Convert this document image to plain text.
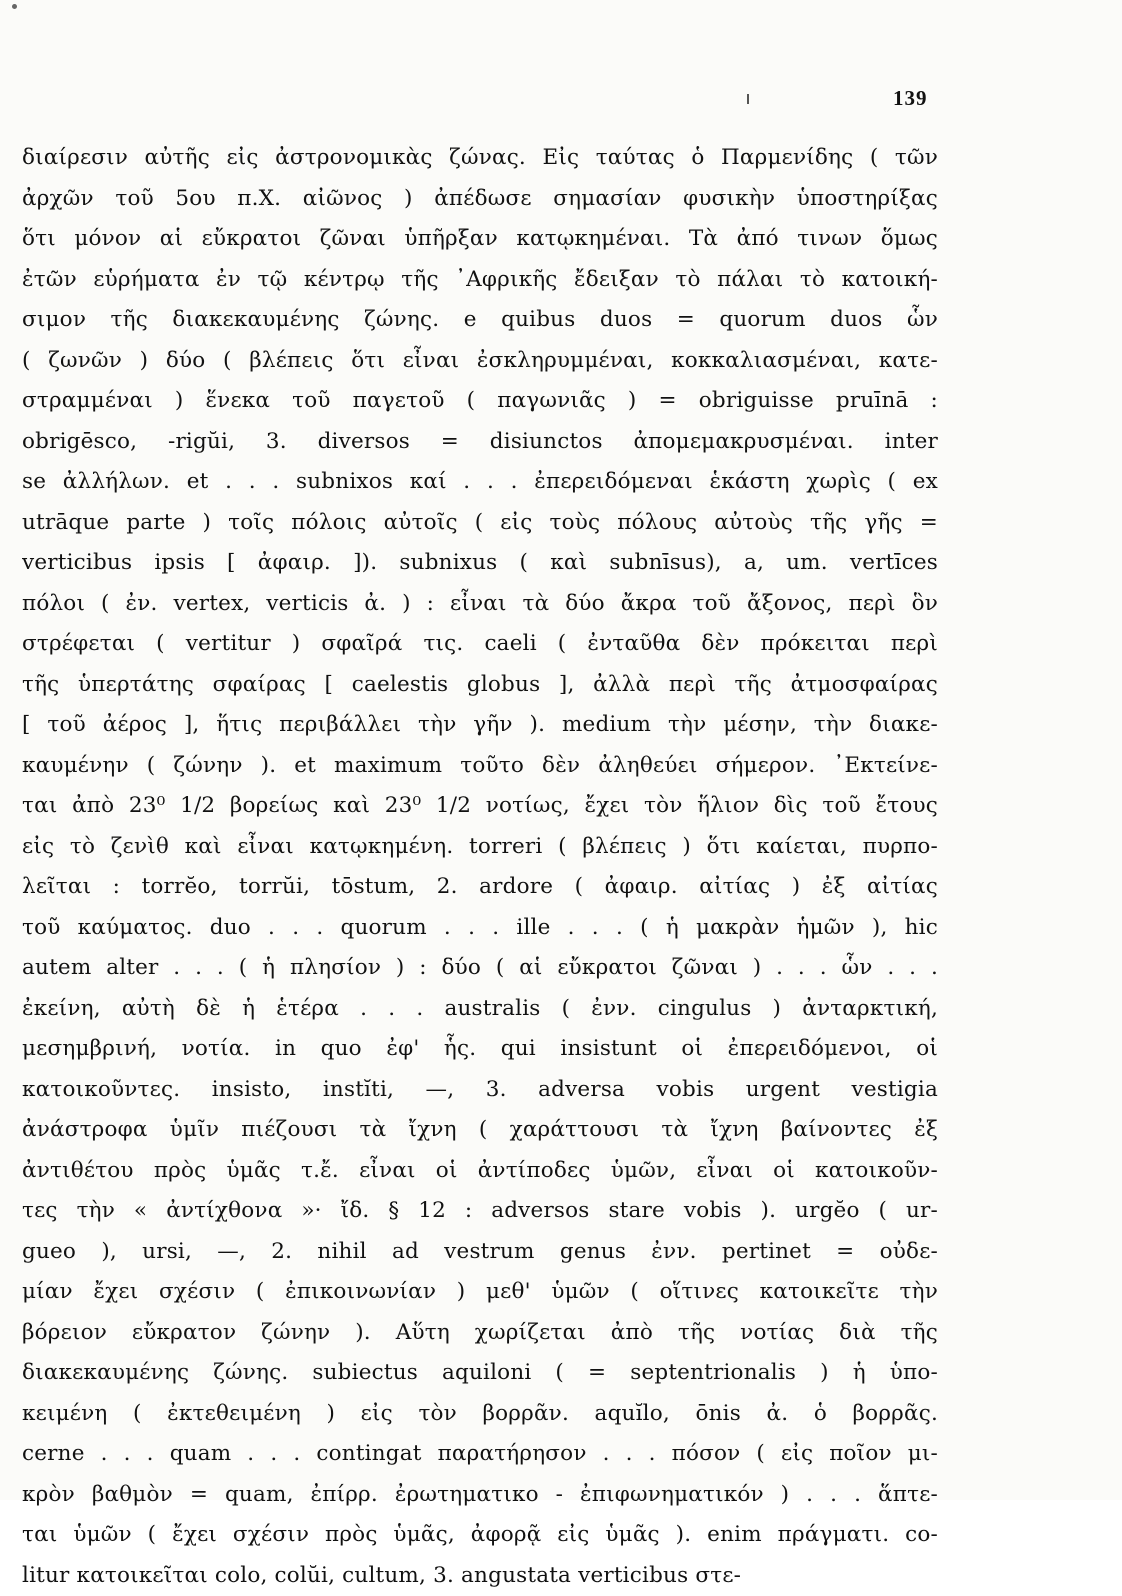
139
διαίρεσιν αὐτῆς εἰς ἀστρονομικὰς ζώνας. Εἰς ταύτας ὁ Παρμενίδης ( τῶν
ἀρχῶν τοῦ 5ου π.Χ. αἰῶνος ) ἀπέδωσε σημασίαν φυσικὴν ὑποστηρίξας
ὅτι μόνον αἱ εὔκρατοι ζῶναι ὑπῆρξαν κατῳκημέναι. Τὰ ἀπό τινων ὅμως
ἐτῶν εὑρήματα ἐν τῷ κέντρῳ τῆς ᾿Αφρικῆς ἔδειξαν τὸ πάλαι τὸ κατοική-
σιμον τῆς διακεκαυμένης ζώνης. e quibus duos = quorum duos ὧν
( ζωνῶν ) δύο ( βλέπεις ὅτι εἶναι ἐσκληρυμμέναι, κοκκαλιασμέναι, κατε-
στραμμέναι ) ἕνεκα τοῦ παγετοῦ ( παγωνιᾶς ) = obriguisse pruīnā :
obrigēsco, -rigŭi, 3. diversos = disiunctos ἀπομεμακρυσμέναι. inter
se ἀλλήλων. et . . . subnixos καί . . . ἐπερειδόμεναι ἑκάστη χωρὶς ( ex
utrāque parte ) τοῖς πόλοις αὐτοῖς ( εἰς τοὺς πόλους αὐτοὺς τῆς γῆς =
verticibus ipsis [ ἀφαιρ. ]). subnixus ( καὶ subnīsus), a, um. vertīces
πόλοι ( ἐν. vertex, verticis ἀ. ) : εἶναι τὰ δύο ἄκρα τοῦ ἄξονος, περὶ ὃν
στρέφεται ( vertitur ) σφαῖρά τις. caeli ( ἐνταῦθα δὲν πρόκειται περὶ
τῆς ὑπερτάτης σφαίρας [ caelestis globus ], ἀλλὰ περὶ τῆς ἀτμοσφαίρας
[ τοῦ ἀέρος ], ἥτις περιβάλλει τὴν γῆν ). medium τὴν μέσην, τὴν διακε-
καυμένην ( ζώνην ). et maximum τοῦτο δὲν ἀληθεύει σήμερον. ᾿Εκτείνε-
ται ἀπὸ 23⁰ 1/2 βορείως καὶ 23⁰ 1/2 νοτίως, ἔχει τὸν ἥλιον δὶς τοῦ ἔτους
εἰς τὸ ζενὶθ καὶ εἶναι κατῳκημένη. torreri ( βλέπεις ) ὅτι καίεται, πυρπο-
λεῖται : torrĕo, torrŭi, tōstum, 2. ardore ( ἀφαιρ. αἰτίας ) ἐξ αἰτίας
τοῦ καύματος. duo . . . quorum . . . ille . . . ( ἡ μακρὰν ἡμῶν ), hic
autem alter . . . ( ἡ πλησίον ) : δύο ( αἱ εὔκρατοι ζῶναι ) . . . ὧν . . .
ἐκείνη, αὐτὴ δὲ ἡ ἑτέρα . . . australis ( ἐνν. cingulus ) ἀνταρκτική,
μεσημβρινή, νοτία. in quo ἐφ' ἧς. qui insistunt οἱ ἐπερειδόμενοι, οἱ
κατοικοῦντες. insisto, instĭti, —, 3. adversa vobis urgent vestigia
ἀνάστροφα ὑμῖν πιέζουσι τὰ ἴχνη ( χαράττουσι τὰ ἴχνη βαίνοντες ἐξ
ἀντιθέτου πρὸς ὑμᾶς τ.ἔ. εἶναι οἱ ἀντίποδες ὑμῶν, εἶναι οἱ κατοικοῦν-
τες τὴν « ἀντίχθονα »· ἴδ. § 12 : adversos stare vobis ). urgĕo ( ur-
gueo ), ursi, —, 2. nihil ad vestrum genus ἐνν. pertinet = οὐδε-
μίαν ἔχει σχέσιν ( ἐπικοινωνίαν ) μεθ' ὑμῶν ( οἵτινες κατοικεῖτε τὴν
βόρειον εὔκρατον ζώνην ). Αὕτη χωρίζεται ἀπὸ τῆς νοτίας διὰ τῆς
διακεκαυμένης ζώνης. subiectus aquiloni ( = septentrionalis ) ἡ ὑπο-
κειμένη ( ἐκτεθειμένη ) εἰς τὸν βορρᾶν. aquĭlo, ōnis ἀ. ὁ βορρᾶς.
cerne . . . quam . . . contingat παρατήρησον . . . πόσον ( εἰς ποῖον μι-
κρὸν βαθμὸν = quam, ἐπίρρ. ἐρωτηματικο - ἐπιφωνηματικόν ) . . . ἅπτε-
ται ὑμῶν ( ἔχει σχέσιν πρὸς ὑμᾶς, ἀφορᾷ εἰς ὑμᾶς ). enim πράγματι. co-
litur κατοικεῖται colo, colŭi, cultum, 3. angustata verticibus στε-
